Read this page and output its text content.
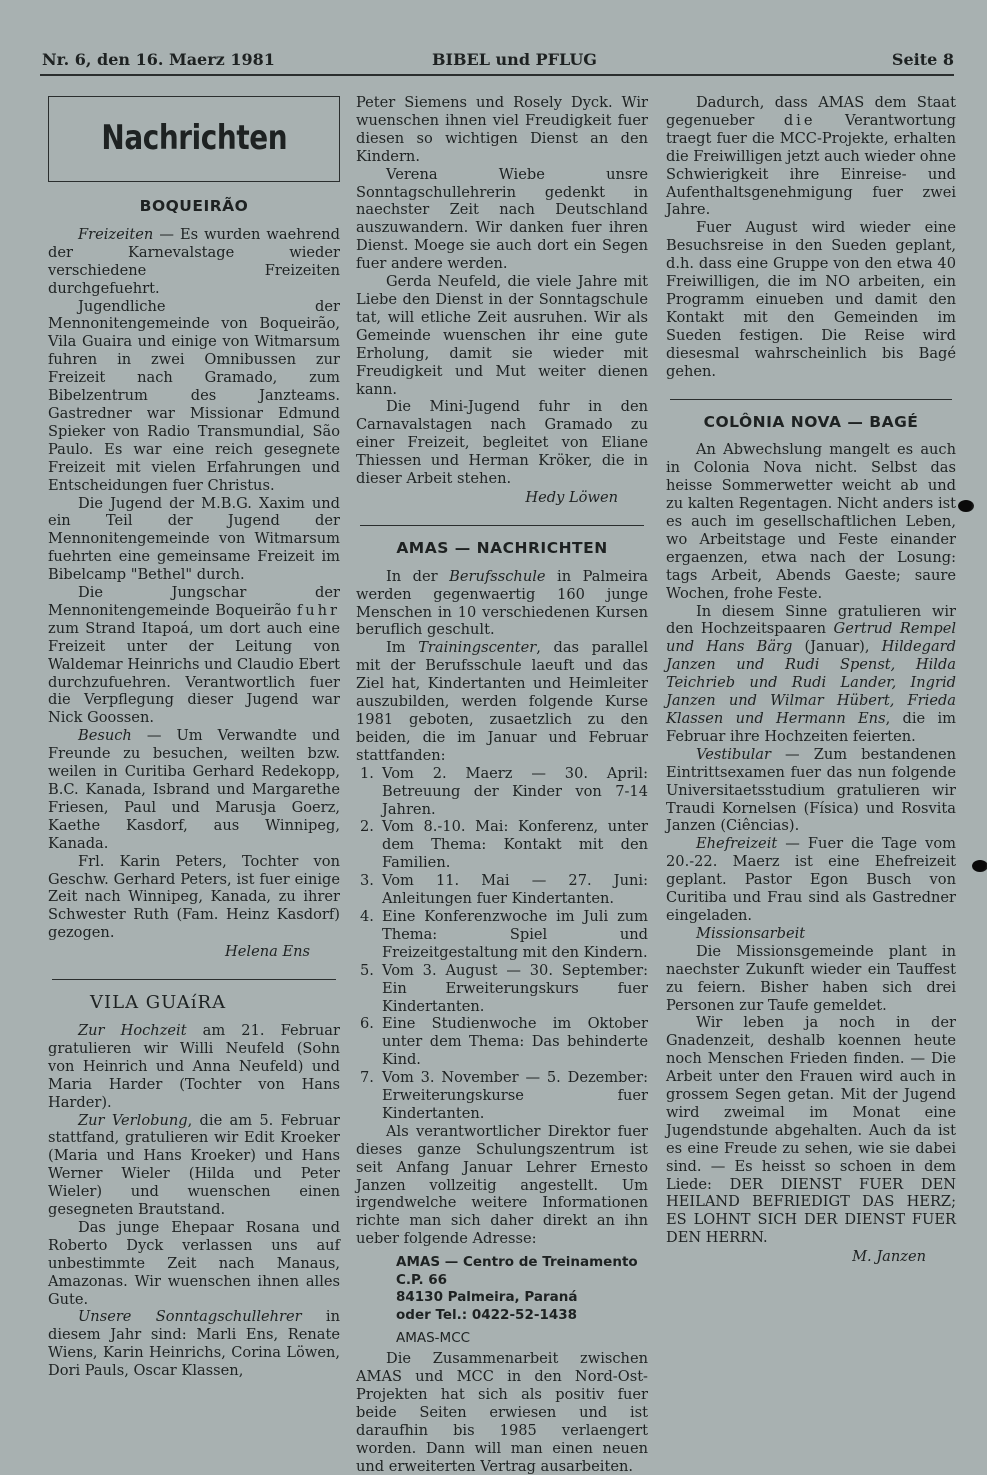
Nr. 6, den 16. Maerz 1981	BIBEL und PFLUG	Seite 8
Nachrichten
BOQUEIRÃO

Freizeiten — Es wurden waehrend der Karnevalstage wieder verschiedene Freizeiten durchgefuehrt.

Jugendliche der Mennonitengemeinde von Boqueirão, Vila Guaira und einige von Witmarsum fuhren in zwei Omnibussen zur Freizeit nach Gramado, zum Bibelzentrum des Janzteams. Gastredner war Missionar Edmund Spieker von Radio Transmundial, São Paulo. Es war eine reich gesegnete Freizeit mit vielen Erfahrungen und Entscheidungen fuer Christus.

Die Jugend der M.B.G. Xaxim und ein Teil der Jugend der Mennonitengemeinde von Witmarsum fuehrten eine gemeinsame Freizeit im Bibelcamp "Bethel" durch.

Die Jungschar der Mennonitengemeinde Boqueirão fuhr zum Strand Itapoá, um dort auch eine Freizeit unter der Leitung von Waldemar Heinrichs und Claudio Ebert durchzufuehren. Verantwortlich fuer die Verpflegung dieser Jugend war Nick Goossen.

Besuch — Um Verwandte und Freunde zu besuchen, weilten bzw. weilen in Curitiba Gerhard Redekopp, B.C. Kanada, Isbrand und Margarethe Friesen, Paul und Marusja Goerz, Kaethe Kasdorf, aus Winnipeg, Kanada.

Frl. Karin Peters, Tochter von Geschw. Gerhard Peters, ist fuer einige Zeit nach Winnipeg, Kanada, zu ihrer Schwester Ruth (Fam. Heinz Kasdorf) gezogen.

Helena Ens

VILA GUAíRA

Zur Hochzeit am 21. Februar gratulieren wir Willi Neufeld (Sohn von Heinrich und Anna Neufeld) und Maria Harder (Tochter von Hans Harder).

Zur Verlobung, die am 5. Februar stattfand, gratulieren wir Edit Kroeker (Maria und Hans Kroeker) und Hans Werner Wieler (Hilda und Peter Wieler) und wuenschen einen gesegneten Brautstand.

Das junge Ehepaar Rosana und Roberto Dyck verlassen uns auf unbestimmte Zeit nach Manaus, Amazonas. Wir wuenschen ihnen alles Gute.

Unsere Sonntagschullehrer in diesem Jahr sind: Marli Ens, Renate Wiens, Karin Heinrichs, Corina Löwen, Dori Pauls, Oscar Klassen,

Peter Siemens und Rosely Dyck. Wir wuenschen ihnen viel Freudigkeit fuer diesen so wichtigen Dienst an den Kindern.

Verena Wiebe unsre Sonntagschullehrerin gedenkt in naechster Zeit nach Deutschland auszuwandern. Wir danken fuer ihren Dienst. Moege sie auch dort ein Segen fuer andere werden.

Gerda Neufeld, die viele Jahre mit Liebe den Dienst in der Sonntagschule tat, will etliche Zeit ausruhen. Wir als Gemeinde wuenschen ihr eine gute Erholung, damit sie wieder mit Freudigkeit und Mut weiter dienen kann.

Die Mini-Jugend fuhr in den Carnavalstagen nach Gramado zu einer Freizeit, begleitet von Eliane Thiessen und Herman Kröker, die in dieser Arbeit stehen.

Hedy Löwen

AMAS — NACHRICHTEN

In der Berufsschule in Palmeira werden gegenwaertig 160 junge Menschen in 10 verschiedenen Kursen beruflich geschult.

Im Trainingscenter, das parallel mit der Berufsschule laeuft und das Ziel hat, Kindertanten und Heimleiter auszubilden, werden folgende Kurse 1981 geboten, zusaetzlich zu den beiden, die im Januar und Februar stattfanden:

1. Vom 2. Maerz — 30. April: Betreuung der Kinder von 7-14 Jahren.
2. Vom 8.-10. Mai: Konferenz, unter dem Thema: Kontakt mit den Familien.
3. Vom 11. Mai — 27. Juni: Anleitungen fuer Kindertanten.
4. Eine Konferenzwoche im Juli zum Thema: Spiel und Freizeitgestaltung mit den Kindern.
5. Vom 3. August — 30. September: Ein Erweiterungskurs fuer Kindertanten.
6. Eine Studienwoche im Oktober unter dem Thema: Das behinderte Kind.
7. Vom 3. November — 5. Dezember: Erweiterungskurse fuer Kindertanten.

Als verantwortlicher Direktor fuer dieses ganze Schulungszentrum ist seit Anfang Januar Lehrer Ernesto Janzen vollzeitig angestellt. Um irgendwelche weitere Informationen richte man sich daher direkt an ihn ueber folgende Adresse:

AMAS — Centro de Treinamento
C.P. 66
84130 Palmeira, Paraná
oder Tel.: 0422-52-1438
AMAS-MCC

Die Zusammenarbeit zwischen AMAS und MCC in den Nord-Ost-Projekten hat sich als positiv fuer beide Seiten erwiesen und ist daraufhin bis 1985 verlaengert worden. Dann will man einen neuen und erweiterten Vertrag ausarbeiten.

Dadurch, dass AMAS dem Staat gegenueber die Verantwortung traegt fuer die MCC-Projekte, erhalten die Freiwilligen jetzt auch wieder ohne Schwierigkeit ihre Einreise- und Aufenthaltsgenehmigung fuer zwei Jahre.

Fuer August wird wieder eine Besuchsreise in den Sueden geplant, d.h. dass eine Gruppe von den etwa 40 Freiwilligen, die im NO arbeiten, ein Programm einueben und damit den Kontakt mit den Gemeinden im Sueden festigen. Die Reise wird diesesmal wahrscheinlich bis Bagé gehen.

COLÔNIA NOVA — BAGÉ

An Abwechslung mangelt es auch in Colonia Nova nicht. Selbst das heisse Sommerwetter weicht ab und zu kalten Regentagen. Nicht anders ist es auch im gesellschaftlichen Leben, wo Arbeitstage und Feste einander ergaenzen, etwa nach der Losung: tags Arbeit, Abends Gaeste; saure Wochen, frohe Feste.

In diesem Sinne gratulieren wir den Hochzeitspaaren Gertrud Rempel und Hans Bärg (Januar), Hildegard Janzen und Rudi Spenst, Hilda Teichrieb und Rudi Lander, Ingrid Janzen und Wilmar Hübert, Frieda Klassen und Hermann Ens, die im Februar ihre Hochzeiten feierten.

Vestibular — Zum bestandenen Eintrittsexamen fuer das nun folgende Universitaetsstudium gratulieren wir Traudi Kornelsen (Física) und Rosvita Janzen (Ciências).

Ehefreizeit — Fuer die Tage vom 20.-22. Maerz ist eine Ehefreizeit geplant. Pastor Egon Busch von Curitiba und Frau sind als Gastredner eingeladen.

Missionsarbeit

Die Missionsgemeinde plant in naechster Zukunft wieder ein Tauffest zu feiern. Bisher haben sich drei Personen zur Taufe gemeldet.

Wir leben ja noch in der Gnadenzeit, deshalb koennen heute noch Menschen Frieden finden. — Die Arbeit unter den Frauen wird auch in grossem Segen getan. Mit der Jugend wird zweimal im Monat eine Jugendstunde abgehalten. Auch da ist es eine Freude zu sehen, wie sie dabei sind. — Es heisst so schoen in dem Liede: DER DIENST FUER DEN HEILAND BEFRIEDIGT DAS HERZ; ES LOHNT SICH DER DIENST FUER DEN HERRN.

M. Janzen
